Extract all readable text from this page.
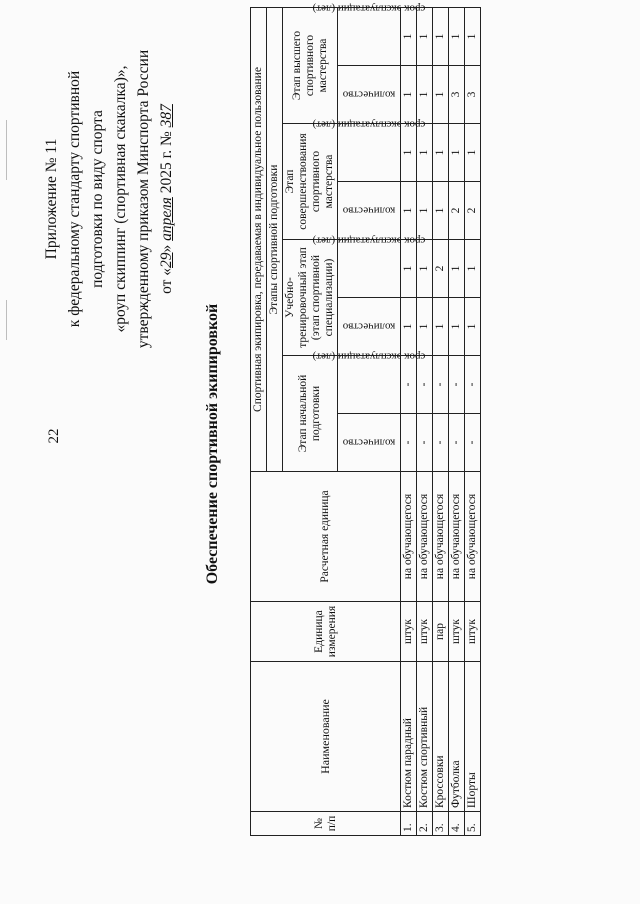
22
Приложение № 11 к федеральному стандарту спортивной подготовки по виду спорта «роуп скиппинг (спортивная скакалка)», утвержденному приказом Минспорта России от «29» апреля 2025 г. № 387
Обеспечение спортивной экипировкой
№ п/п	Наименование	Единица измерения	Расчетная единица	Спортивная экипировка, передаваемая в индивидуальное пользование							
				Этапы спортивной подготовки							
				Этап начальной подготовки		Учебно-тренировочный этап (этап спортивной специализации)		Этап совершенствования спортивного мастерства		Этап высшего спортивного мастерства	
				количество	срок эксплуатации (лет)	количество	срок эксплуатации (лет)	количество	срок эксплуатации (лет)	количество	срок эксплуатации (лет)
1.	Костюм парадный	штук	на обучающегося	-	-	1	1	1	1	1	1
2.	Костюм спортивный	штук	на обучающегося	-	-	1	1	1	1	1	1
3.	Кроссовки	пар	на обучающегося	-	-	1	2	1	1	1	1
4.	Футболка	штук	на обучающегося	-	-	1	1	2	1	3	1
5.	Шорты	штук	на обучающегося	-	-	1	1	2	1	3	1
